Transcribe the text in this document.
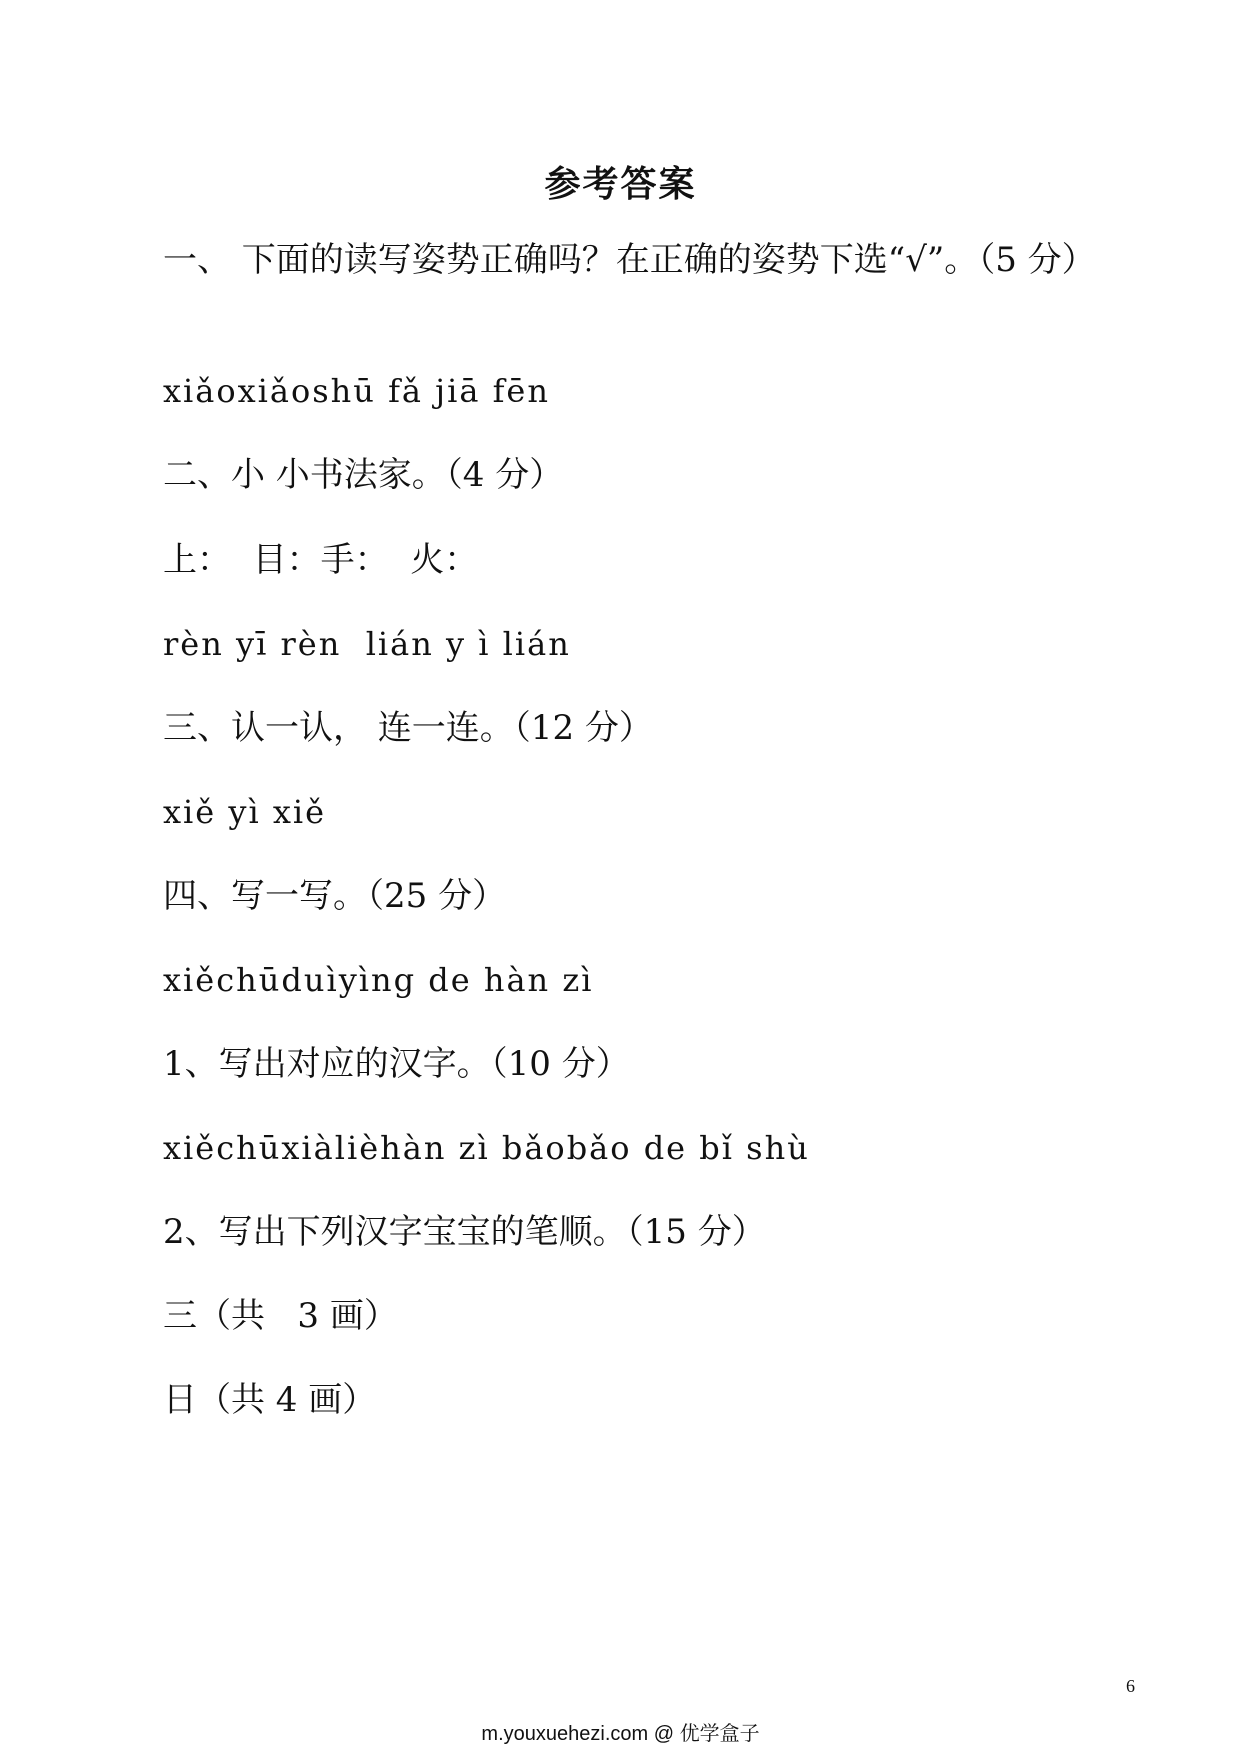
参考答案
一、 下面的读写姿势正确吗？在正确的姿势下选“√”。（5 分）
xiǎoxiǎoshū fǎ jiā fēn
二、小 小书法家。（4 分）
上：  目：手：  火：
rèn yī rèn  lián y ì lián
三、认一认， 连一连。（12 分）
xiě yì xiě
四、写一写。（25 分）
xiěchūduìyìng de hàn zì
1、写出对应的汉字。（10 分）
xiěchūxiàlièhàn zì bǎobǎo de bǐ shù
2、写出下列汉字宝宝的笔顺。（15 分）
三（共   3 画）
日（共 4 画）
6
m.youxuehezi.com @ 优学盒子
